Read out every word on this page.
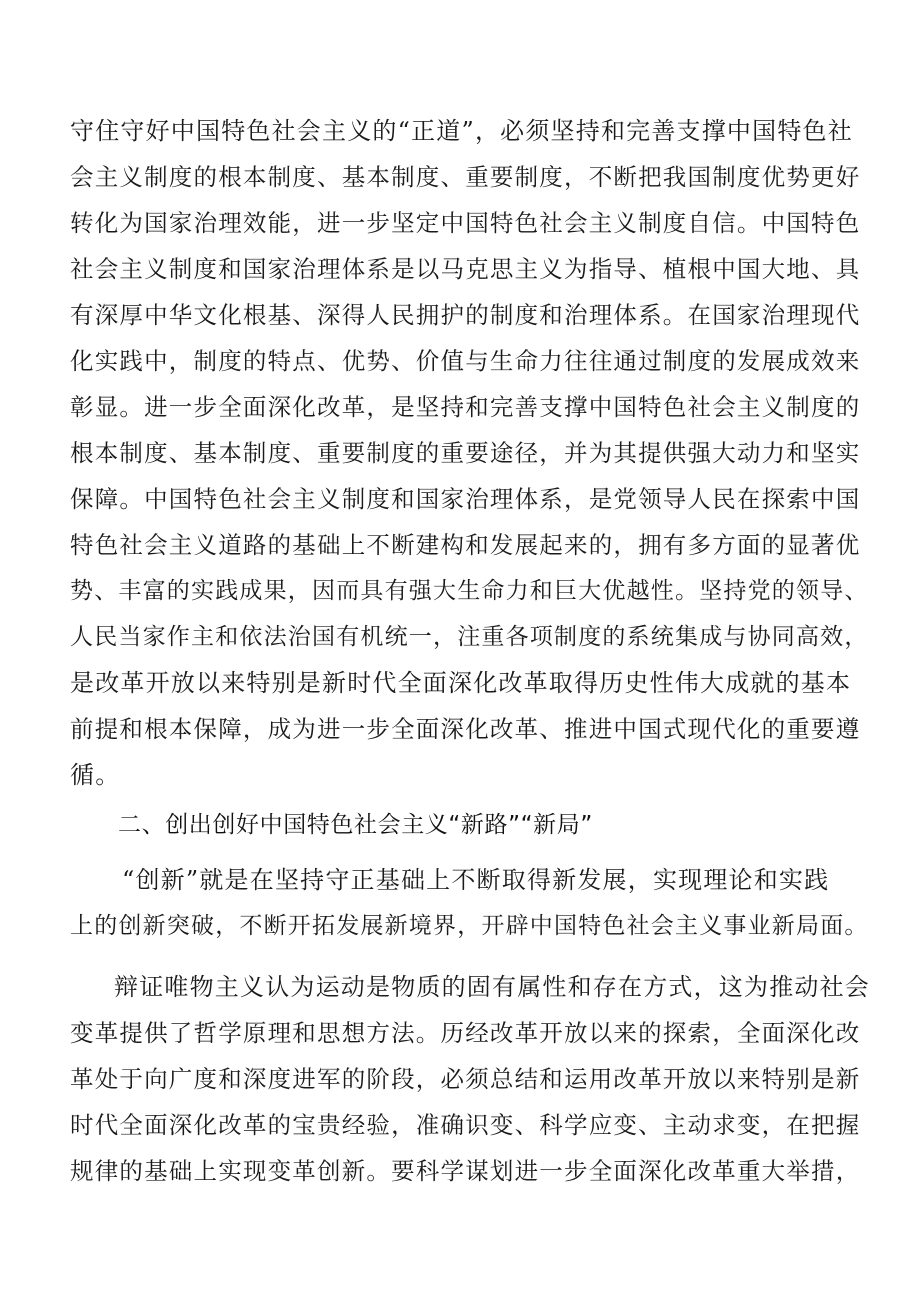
守住守好中国特色社会主义的“正道”，必须坚持和完善支撑中国特色社
会主义制度的根本制度、基本制度、重要制度，不断把我国制度优势更好
转化为国家治理效能，进一步坚定中国特色社会主义制度自信。中国特色
社会主义制度和国家治理体系是以马克思主义为指导、植根中国大地、具
有深厚中华文化根基、深得人民拥护的制度和治理体系。在国家治理现代
化实践中，制度的特点、优势、价值与生命力往往通过制度的发展成效来
彰显。进一步全面深化改革，是坚持和完善支撑中国特色社会主义制度的
根本制度、基本制度、重要制度的重要途径，并为其提供强大动力和坚实
保障。中国特色社会主义制度和国家治理体系，是党领导人民在探索中国
特色社会主义道路的基础上不断建构和发展起来的，拥有多方面的显著优
势、丰富的实践成果，因而具有强大生命力和巨大优越性。坚持党的领导、
人民当家作主和依法治国有机统一，注重各项制度的系统集成与协同高效，
是改革开放以来特别是新时代全面深化改革取得历史性伟大成就的基本
前提和根本保障，成为进一步全面深化改革、推进中国式现代化的重要遵
循。
二、创出创好中国特色社会主义“新路”“新局”
“创新”就是在坚持守正基础上不断取得新发展，实现理论和实践
上的创新突破，不断开拓发展新境界，开辟中国特色社会主义事业新局面。
辩证唯物主义认为运动是物质的固有属性和存在方式，这为推动社会
变革提供了哲学原理和思想方法。历经改革开放以来的探索，全面深化改
革处于向广度和深度进军的阶段，必须总结和运用改革开放以来特别是新
时代全面深化改革的宝贵经验，准确识变、科学应变、主动求变，在把握
规律的基础上实现变革创新。要科学谋划进一步全面深化改革重大举措，
